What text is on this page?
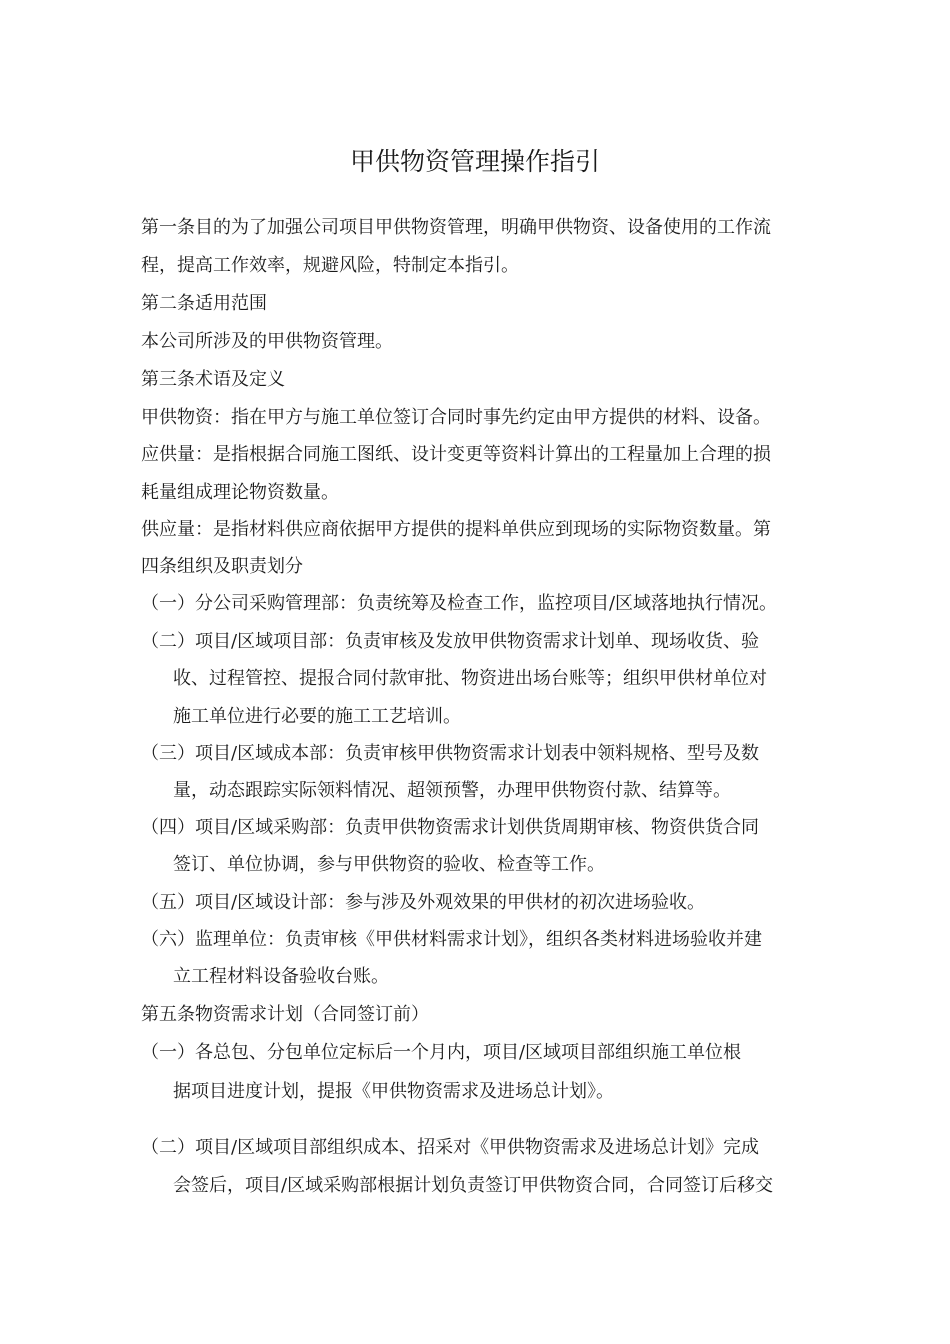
甲供物资管理操作指引
第一条目的为了加强公司项目甲供物资管理，明确甲供物资、设备使用的工作流
程，提高工作效率，规避风险，特制定本指引。
第二条适用范围
本公司所涉及的甲供物资管理。
第三条术语及定义
甲供物资：指在甲方与施工单位签订合同时事先约定由甲方提供的材料、设备。
应供量：是指根据合同施工图纸、设计变更等资料计算出的工程量加上合理的损
耗量组成理论物资数量。
供应量：是指材料供应商依据甲方提供的提料单供应到现场的实际物资数量。第
四条组织及职责划分
（一）分公司采购管理部：负责统筹及检查工作，监控项目/区域落地执行情况。
（二）项目/区域项目部：负责审核及发放甲供物资需求计划单、现场收货、验
收、过程管控、提报合同付款审批、物资进出场台账等；组织甲供材单位对
施工单位进行必要的施工工艺培训。
（三）项目/区域成本部：负责审核甲供物资需求计划表中领料规格、型号及数
量，动态跟踪实际领料情况、超领预警，办理甲供物资付款、结算等。
（四）项目/区域采购部：负责甲供物资需求计划供货周期审核、物资供货合同
签订、单位协调，参与甲供物资的验收、检查等工作。
（五）项目/区域设计部：参与涉及外观效果的甲供材的初次进场验收。
（六）监理单位：负责审核《甲供材料需求计划》，组织各类材料进场验收并建
立工程材料设备验收台账。
第五条物资需求计划（合同签订前）
（一）各总包、分包单位定标后一个月内，项目/区域项目部组织施工单位根
据项目进度计划，提报《甲供物资需求及进场总计划》。
（二）项目/区域项目部组织成本、招采对《甲供物资需求及进场总计划》完成
会签后，项目/区域采购部根据计划负责签订甲供物资合同，合同签订后移交
